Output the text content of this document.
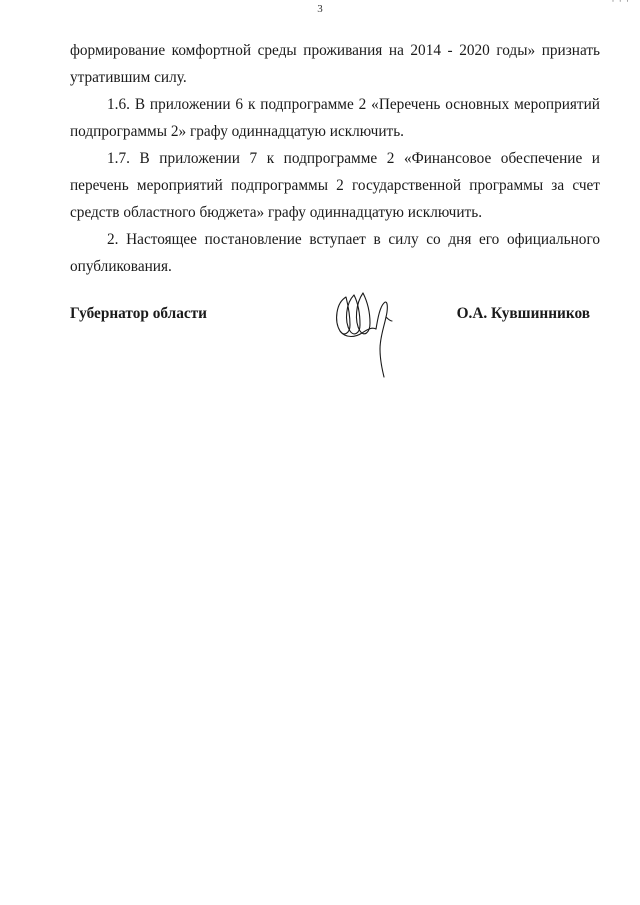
· · ·
3

формирование комфортной среды проживания на 2014 - 2020 годы» признать утратившим силу.

1.6. В приложении 6 к подпрограмме 2 «Перечень основных мероприятий подпрограммы 2» графу одиннадцатую исключить.

1.7. В приложении 7 к подпрограмме 2 «Финансовое обеспечение и перечень мероприятий подпрограммы 2 государственной программы за счет средств областного бюджета» графу одиннадцатую исключить.

2. Настоящее постановление вступает в силу со дня его официального опубликования.

Губернатор области	О.А. Кувшинников
